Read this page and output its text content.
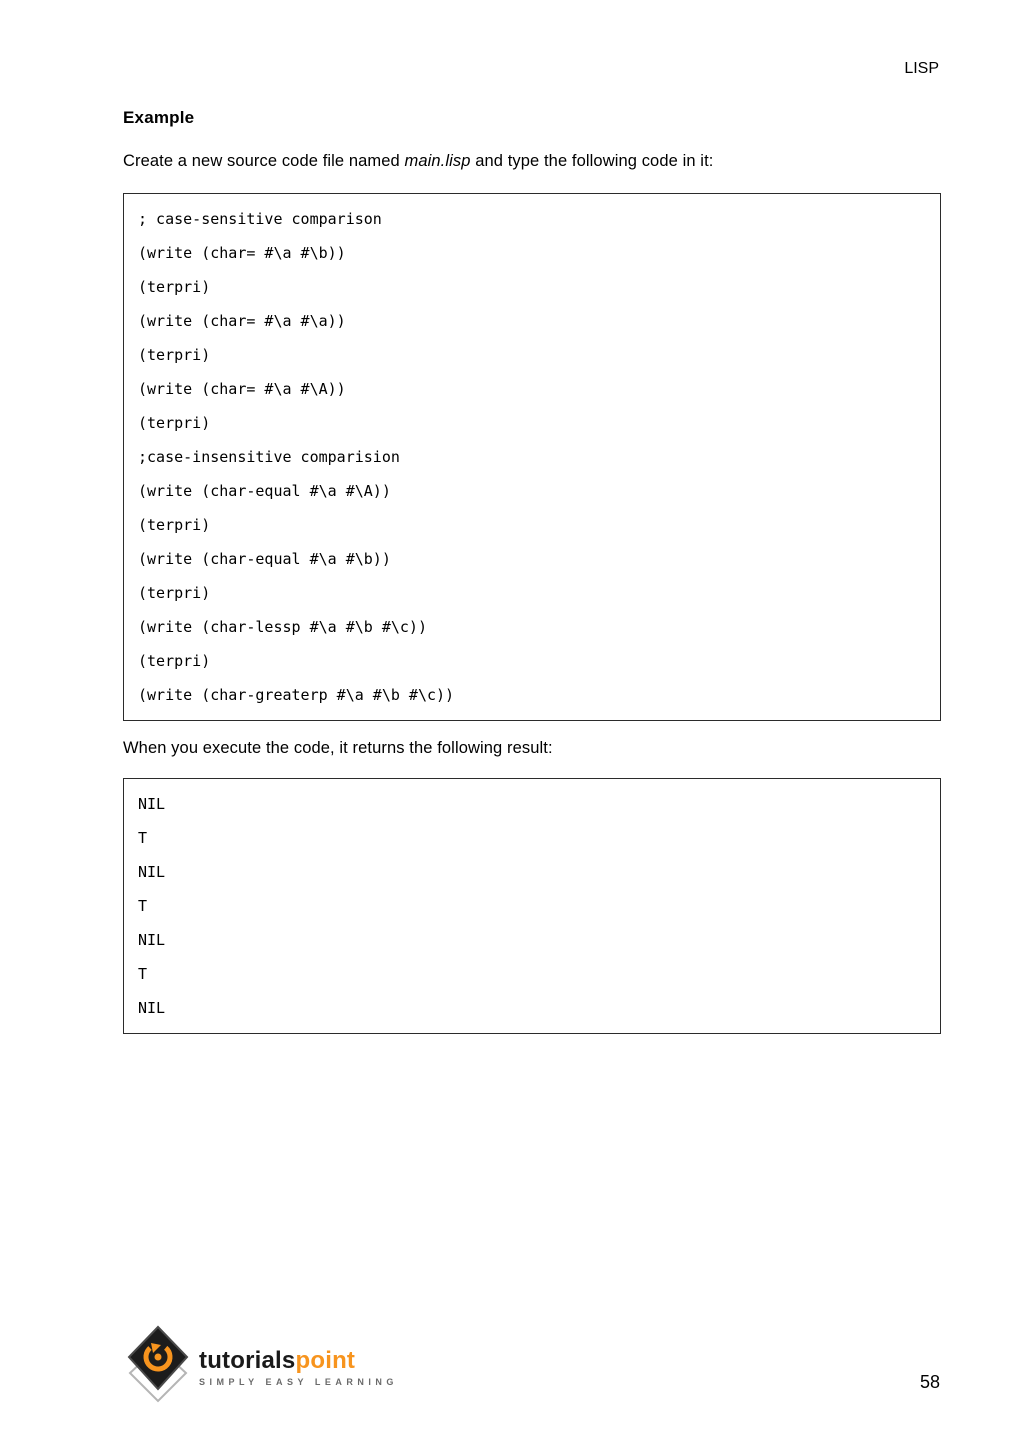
LISP
Example

Create a new source code file named main.lisp and type the following code in it:

; case-sensitive comparison
(write (char= #\a #\b))
(terpri)
(write (char= #\a #\a))
(terpri)
(write (char= #\a #\A))
(terpri)
;case-insensitive comparision
(write (char-equal #\a #\A))
(terpri)
(write (char-equal #\a #\b))
(terpri)
(write (char-lessp #\a #\b #\c))
(terpri)
(write (char-greaterp #\a #\b #\c))

When you execute the code, it returns the following result:

NIL
T
NIL
T
NIL
T
NIL
tutorialspoint
SIMPLY EASY LEARNING	58
